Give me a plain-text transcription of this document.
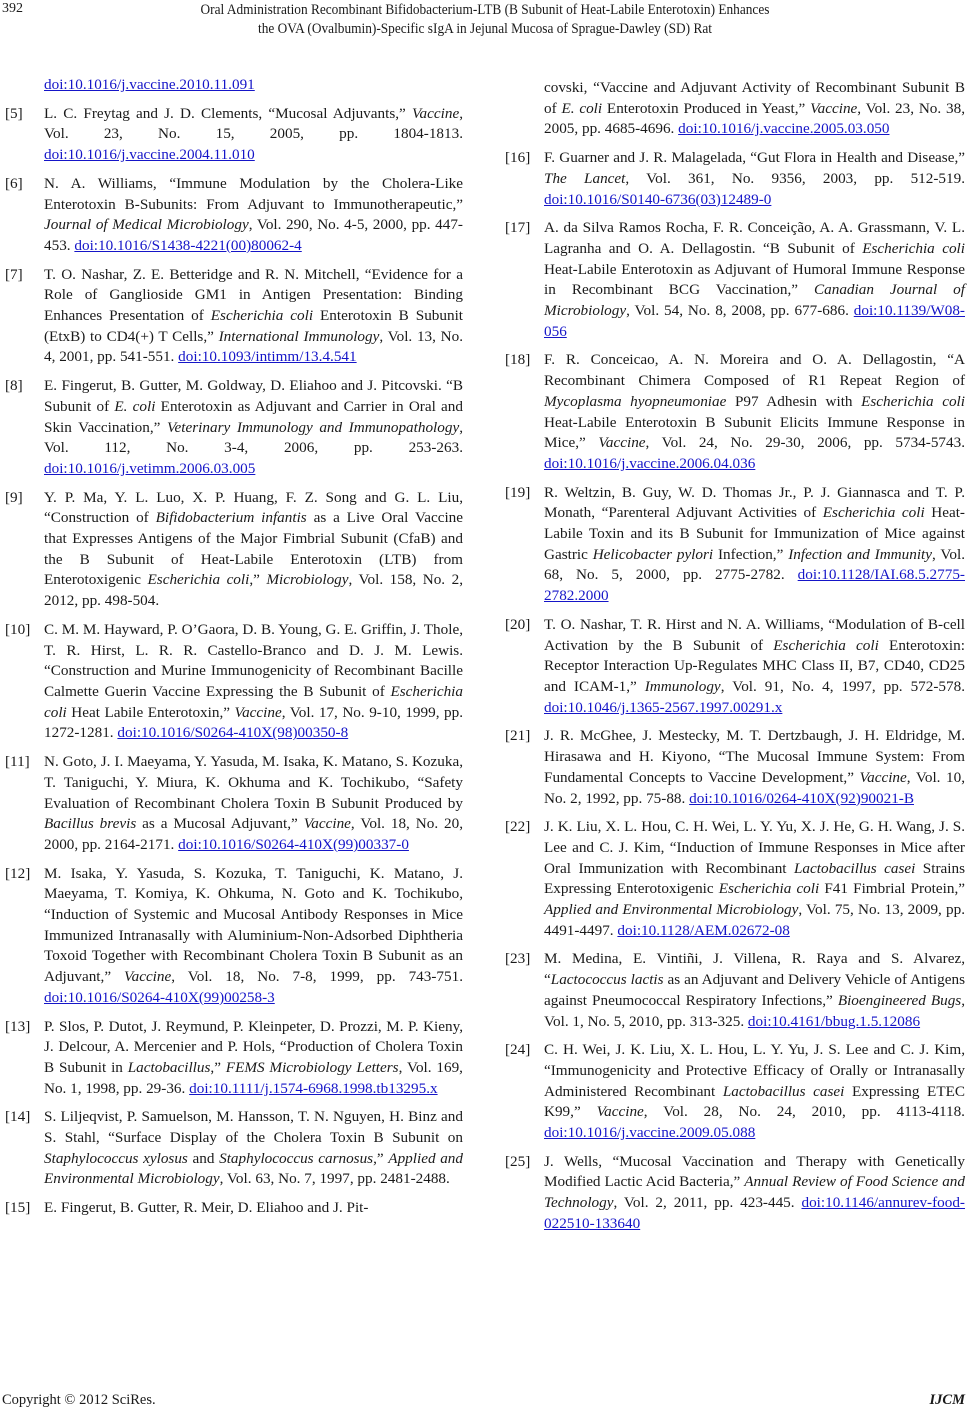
392	Oral Administration Recombinant Bifidobacterium-LTB (B Subunit of Heat-Labile Enterotoxin) Enhances
the OVA (Ovalbumin)-Specific sIgA in Jejunal Mucosa of Sprague-Dawley (SD) Rat
doi:10.1016/j.vaccine.2010.11.091
[5] L. C. Freytag and J. D. Clements, “Mucosal Adjuvants,” Vaccine, Vol. 23, No. 15, 2005, pp. 1804-1813. doi:10.1016/j.vaccine.2004.11.010
[6] N. A. Williams, “Immune Modulation by the Cholera-Like Enterotoxin B-Subunits: From Adjuvant to Immunotherapeutic,” Journal of Medical Microbiology, Vol. 290, No. 4-5, 2000, pp. 447-453. doi:10.1016/S1438-4221(00)80062-4
[7] T. O. Nashar, Z. E. Betteridge and R. N. Mitchell, “Evidence for a Role of Ganglioside GM1 in Antigen Presentation: Binding Enhances Presentation of Escherichia coli Enterotoxin B Subunit (EtxB) to CD4(+) T Cells,” International Immunology, Vol. 13, No. 4, 2001, pp. 541-551. doi:10.1093/intimm/13.4.541
[8] E. Fingerut, B. Gutter, M. Goldway, D. Eliahoo and J. Pitcovski. “B Subunit of E. coli Enterotoxin as Adjuvant and Carrier in Oral and Skin Vaccination,” Veterinary Immunology and Immunopathology, Vol. 112, No. 3-4, 2006, pp. 253-263. doi:10.1016/j.vetimm.2006.03.005
[9] Y. P. Ma, Y. L. Luo, X. P. Huang, F. Z. Song and G. L. Liu, “Construction of Bifidobacterium infantis as a Live Oral Vaccine that Expresses Antigens of the Major Fimbrial Subunit (CfaB) and the B Subunit of Heat-Labile Enterotoxin (LTB) from Enterotoxigenic Escherichia coli,” Microbiology, Vol. 158, No. 2, 2012, pp. 498-504.
[10] C. M. M. Hayward, P. O’Gaora, D. B. Young, G. E. Griffin, J. Thole, T. R. Hirst, L. R. R. Castello-Branco and D. J. M. Lewis. “Construction and Murine Immunogenicity of Recombinant Bacille Calmette Guerin Vaccine Expressing the B Subunit of Escherichia coli Heat Labile Enterotoxin,” Vaccine, Vol. 17, No. 9-10, 1999, pp. 1272-1281. doi:10.1016/S0264-410X(98)00350-8
[11] N. Goto, J. I. Maeyama, Y. Yasuda, M. Isaka, K. Matano, S. Kozuka, T. Taniguchi, Y. Miura, K. Okhuma and K. Tochikubo, “Safety Evaluation of Recombinant Cholera Toxin B Subunit Produced by Bacillus brevis as a Mucosal Adjuvant,” Vaccine, Vol. 18, No. 20, 2000, pp. 2164-2171. doi:10.1016/S0264-410X(99)00337-0
[12] M. Isaka, Y. Yasuda, S. Kozuka, T. Taniguchi, K. Matano, J. Maeyama, T. Komiya, K. Ohkuma, N. Goto and K. Tochikubo, “Induction of Systemic and Mucosal Antibody Responses in Mice Immunized Intranasally with Aluminium-Non-Adsorbed Diphtheria Toxoid Together with Recombinant Cholera Toxin B Subunit as an Adjuvant,” Vaccine, Vol. 18, No. 7-8, 1999, pp. 743-751. doi:10.1016/S0264-410X(99)00258-3
[13] P. Slos, P. Dutot, J. Reymund, P. Kleinpeter, D. Prozzi, M. P. Kieny, J. Delcour, A. Mercenier and P. Hols, “Production of Cholera Toxin B Subunit in Lactobacillus,” FEMS Microbiology Letters, Vol. 169, No. 1, 1998, pp. 29-36. doi:10.1111/j.1574-6968.1998.tb13295.x
[14] S. Liljeqvist, P. Samuelson, M. Hansson, T. N. Nguyen, H. Binz and S. Stahl, “Surface Display of the Cholera Toxin B Subunit on Staphylococcus xylosus and Staphylococcus carnosus,” Applied and Environmental Microbiology, Vol. 63, No. 7, 1997, pp. 2481-2488.
[15] E. Fingerut, B. Gutter, R. Meir, D. Eliahoo and J. Pit-
covski, “Vaccine and Adjuvant Activity of Recombinant Subunit B of E. coli Enterotoxin Produced in Yeast,” Vaccine, Vol. 23, No. 38, 2005, pp. 4685-4696. doi:10.1016/j.vaccine.2005.03.050
[16] F. Guarner and J. R. Malagelada, “Gut Flora in Health and Disease,” The Lancet, Vol. 361, No. 9356, 2003, pp. 512-519. doi:10.1016/S0140-6736(03)12489-0
[17] A. da Silva Ramos Rocha, F. R. Conceição, A. A. Grassmann, V. L. Lagranha and O. A. Dellagostin. “B Subunit of Escherichia coli Heat-Labile Enterotoxin as Adjuvant of Humoral Immune Response in Recombinant BCG Vaccination,” Canadian Journal of Microbiology, Vol. 54, No. 8, 2008, pp. 677-686. doi:10.1139/W08-056
[18] F. R. Conceicao, A. N. Moreira and O. A. Dellagostin, “A Recombinant Chimera Composed of R1 Repeat Region of Mycoplasma hyopneumoniae P97 Adhesin with Escherichia coli Heat-Labile Enterotoxin B Subunit Elicits Immune Response in Mice,” Vaccine, Vol. 24, No. 29-30, 2006, pp. 5734-5743. doi:10.1016/j.vaccine.2006.04.036
[19] R. Weltzin, B. Guy, W. D. Thomas Jr., P. J. Giannasca and T. P. Monath, “Parenteral Adjuvant Activities of Escherichia coli Heat-Labile Toxin and its B Subunit for Immunization of Mice against Gastric Helicobacter pylori Infection,” Infection and Immunity, Vol. 68, No. 5, 2000, pp. 2775-2782. doi:10.1128/IAI.68.5.2775-2782.2000
[20] T. O. Nashar, T. R. Hirst and N. A. Williams, “Modulation of B-cell Activation by the B Subunit of Escherichia coli Enterotoxin: Receptor Interaction Up-Regulates MHC Class II, B7, CD40, CD25 and ICAM-1,” Immunology, Vol. 91, No. 4, 1997, pp. 572-578. doi:10.1046/j.1365-2567.1997.00291.x
[21] J. R. McGhee, J. Mestecky, M. T. Dertzbaugh, J. H. Eldridge, M. Hirasawa and H. Kiyono, “The Mucosal Immune System: From Fundamental Concepts to Vaccine Development,” Vaccine, Vol. 10, No. 2, 1992, pp. 75-88. doi:10.1016/0264-410X(92)90021-B
[22] J. K. Liu, X. L. Hou, C. H. Wei, L. Y. Yu, X. J. He, G. H. Wang, J. S. Lee and C. J. Kim, “Induction of Immune Responses in Mice after Oral Immunization with Recombinant Lactobacillus casei Strains Expressing Enterotoxigenic Escherichia coli F41 Fimbrial Protein,” Applied and Environmental Microbiology, Vol. 75, No. 13, 2009, pp. 4491-4497. doi:10.1128/AEM.02672-08
[23] M. Medina, E. Vintiñi, J. Villena, R. Raya and S. Alvarez, “Lactococcus lactis as an Adjuvant and Delivery Vehicle of Antigens against Pneumococcal Respiratory Infections,” Bioengineered Bugs, Vol. 1, No. 5, 2010, pp. 313-325. doi:10.4161/bbug.1.5.12086
[24] C. H. Wei, J. K. Liu, X. L. Hou, L. Y. Yu, J. S. Lee and C. J. Kim, “Immunogenicity and Protective Efficacy of Orally or Intranasally Administered Recombinant Lactobacillus casei Expressing ETEC K99,” Vaccine, Vol. 28, No. 24, 2010, pp. 4113-4118. doi:10.1016/j.vaccine.2009.05.088
[25] J. Wells, “Mucosal Vaccination and Therapy with Genetically Modified Lactic Acid Bacteria,” Annual Review of Food Science and Technology, Vol. 2, 2011, pp. 423-445. doi:10.1146/annurev-food-022510-133640
Copyright © 2012 SciRes.	IJCM
